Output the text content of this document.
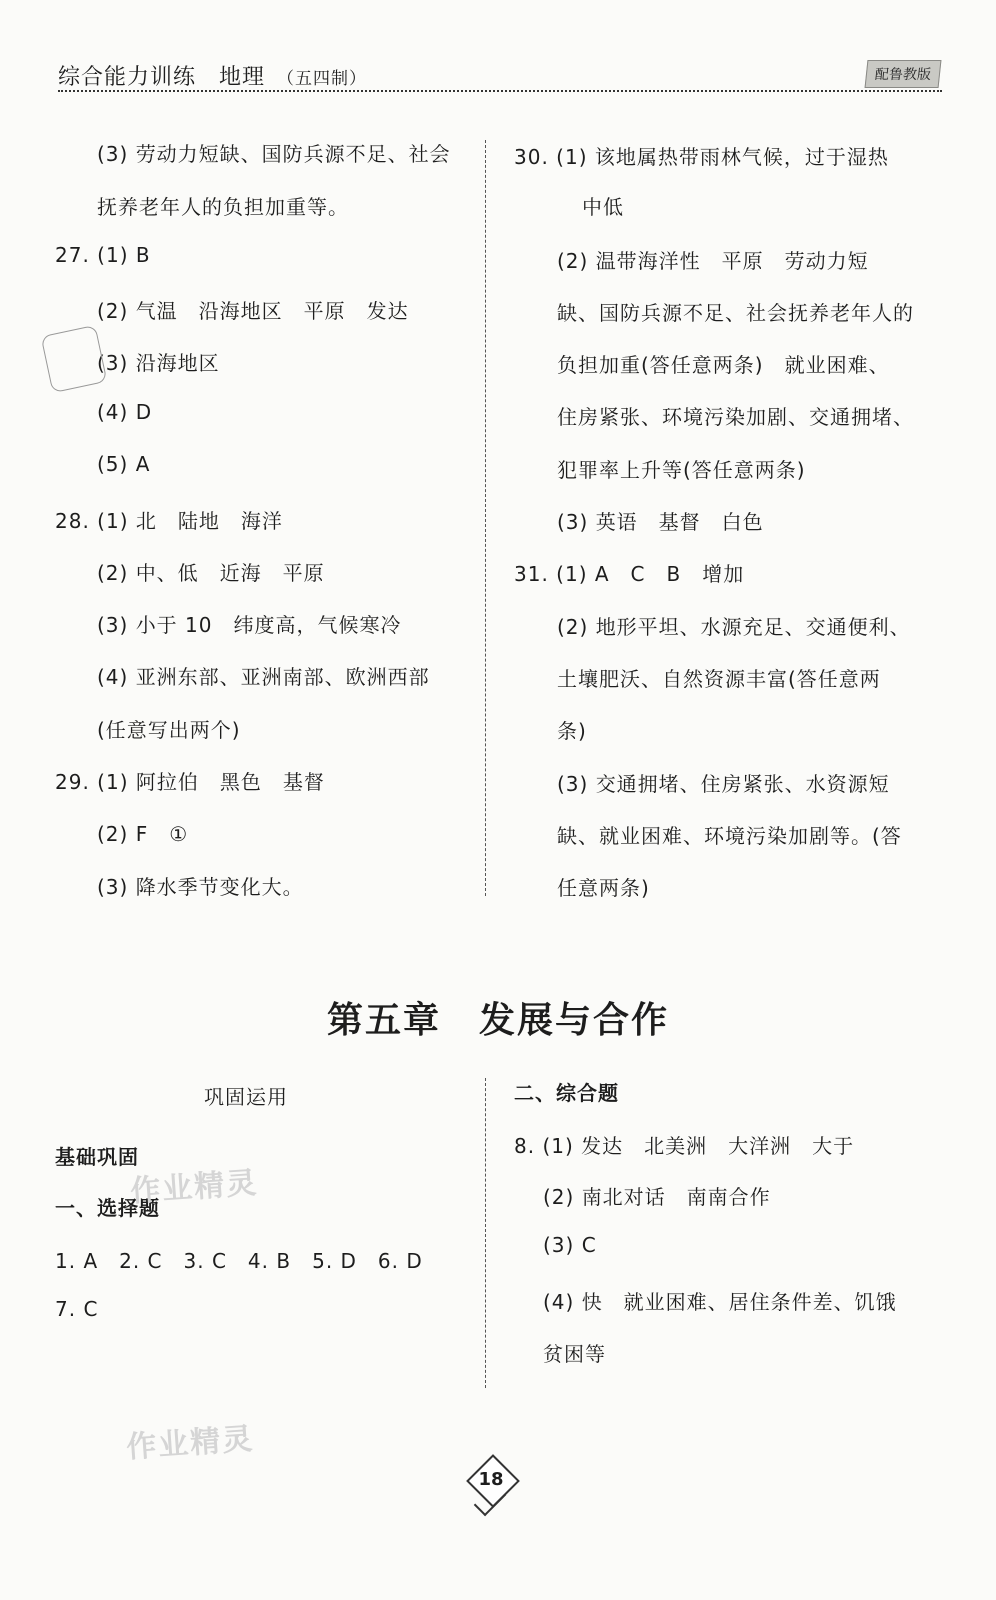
综合能力训练　地理 （五四制）	配鲁教版
(3) 劳动力短缺、国防兵源不足、社会
抚养老年人的负担加重等。
27. (1) B
(2) 气温　沿海地区　平原　发达
(3) 沿海地区
(4) D
(5) A
28. (1) 北　陆地　海洋
(2) 中、低　近海　平原
(3) 小于 10　纬度高，气候寒冷
(4) 亚洲东部、亚洲南部、欧洲西部
(任意写出两个)
29. (1) 阿拉伯　黑色　基督
(2) F　①
(3) 降水季节变化大。
30. (1) 该地属热带雨林气候，过于湿热
中低
(2) 温带海洋性　平原　劳动力短
缺、国防兵源不足、社会抚养老年人的
负担加重(答任意两条)　就业困难、
住房紧张、环境污染加剧、交通拥堵、
犯罪率上升等(答任意两条)
(3) 英语　基督　白色
31. (1) A　C　B　增加
(2) 地形平坦、水源充足、交通便利、
土壤肥沃、自然资源丰富(答任意两
条)
(3) 交通拥堵、住房紧张、水资源短
缺、就业困难、环境污染加剧等。(答
任意两条)
第五章 发展与合作
巩固运用
基础巩固
一、选择题
1. A　2. C　3. C　4. B　5. D　6. D
7. C
二、综合题
8. (1) 发达　北美洲　大洋洲　大于
(2) 南北对话　南南合作
(3) C
(4) 快　就业困难、居住条件差、饥饿
贫困等
作业精灵
作业精灵
18
